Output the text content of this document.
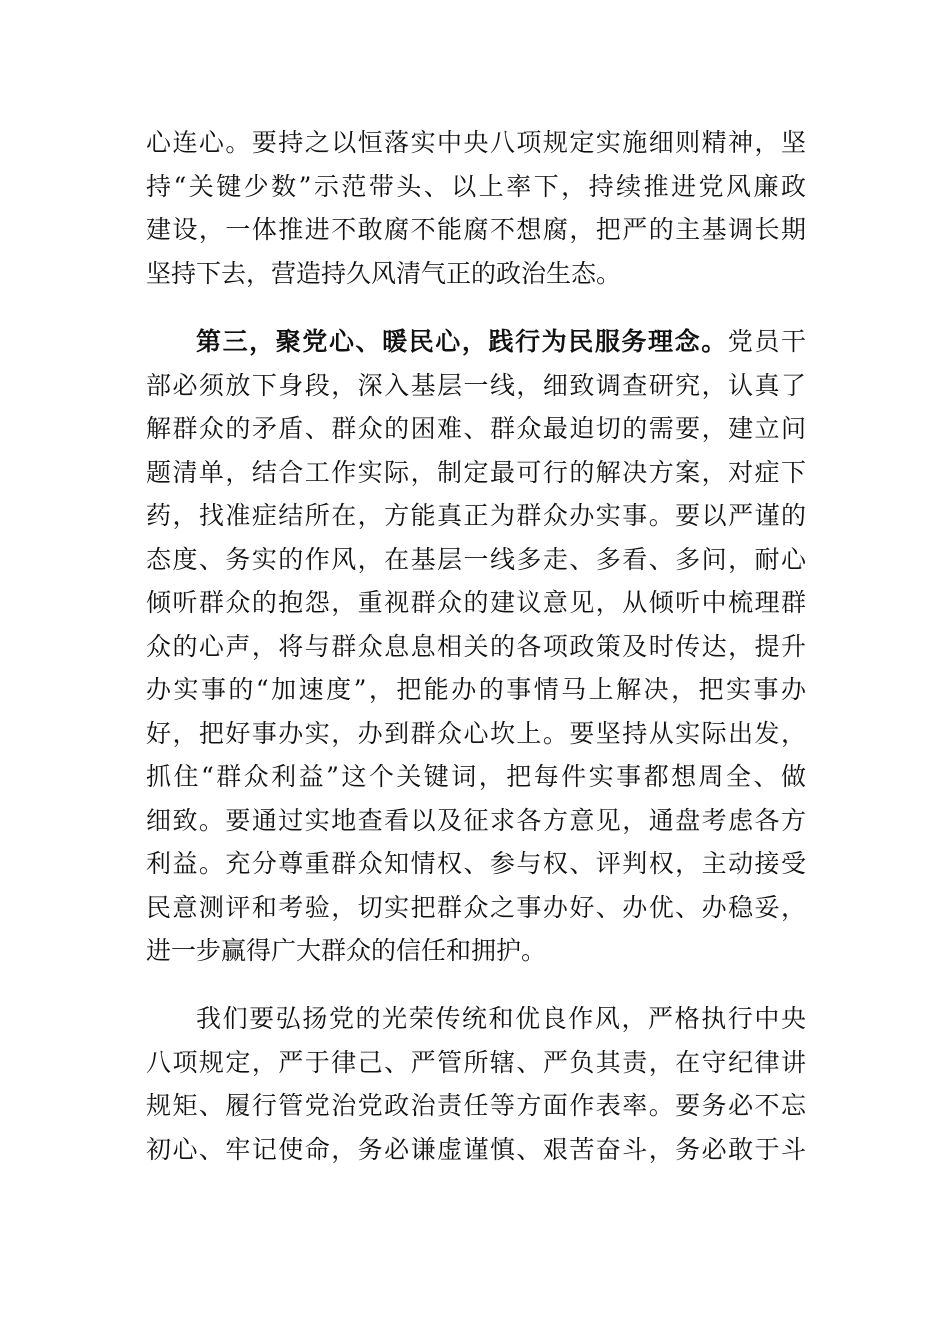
心连心。要持之以恒落实中央八项规定实施细则精神，坚
持“关键少数”示范带头、以上率下，持续推进党风廉政
建设，一体推进不敢腐不能腐不想腐，把严的主基调长期
坚持下去，营造持久风清气正的政治生态。
第三，聚党心、暖民心，践行为民服务理念。党员干
部必须放下身段，深入基层一线，细致调查研究，认真了
解群众的矛盾、群众的困难、群众最迫切的需要，建立问
题清单，结合工作实际，制定最可行的解决方案，对症下
药，找准症结所在，方能真正为群众办实事。要以严谨的
态度、务实的作风，在基层一线多走、多看、多问，耐心
倾听群众的抱怨，重视群众的建议意见，从倾听中梳理群
众的心声，将与群众息息相关的各项政策及时传达，提升
办实事的“加速度”，把能办的事情马上解决，把实事办
好，把好事办实，办到群众心坎上。要坚持从实际出发，
抓住“群众利益”这个关键词，把每件实事都想周全、做
细致。要通过实地查看以及征求各方意见，通盘考虑各方
利益。充分尊重群众知情权、参与权、评判权，主动接受
民意测评和考验，切实把群众之事办好、办优、办稳妥，
进一步赢得广大群众的信任和拥护。
我们要弘扬党的光荣传统和优良作风，严格执行中央
八项规定，严于律己、严管所辖、严负其责，在守纪律讲
规矩、履行管党治党政治责任等方面作表率。要务必不忘
初心、牢记使命，务必谦虚谨慎、艰苦奋斗，务必敢于斗
